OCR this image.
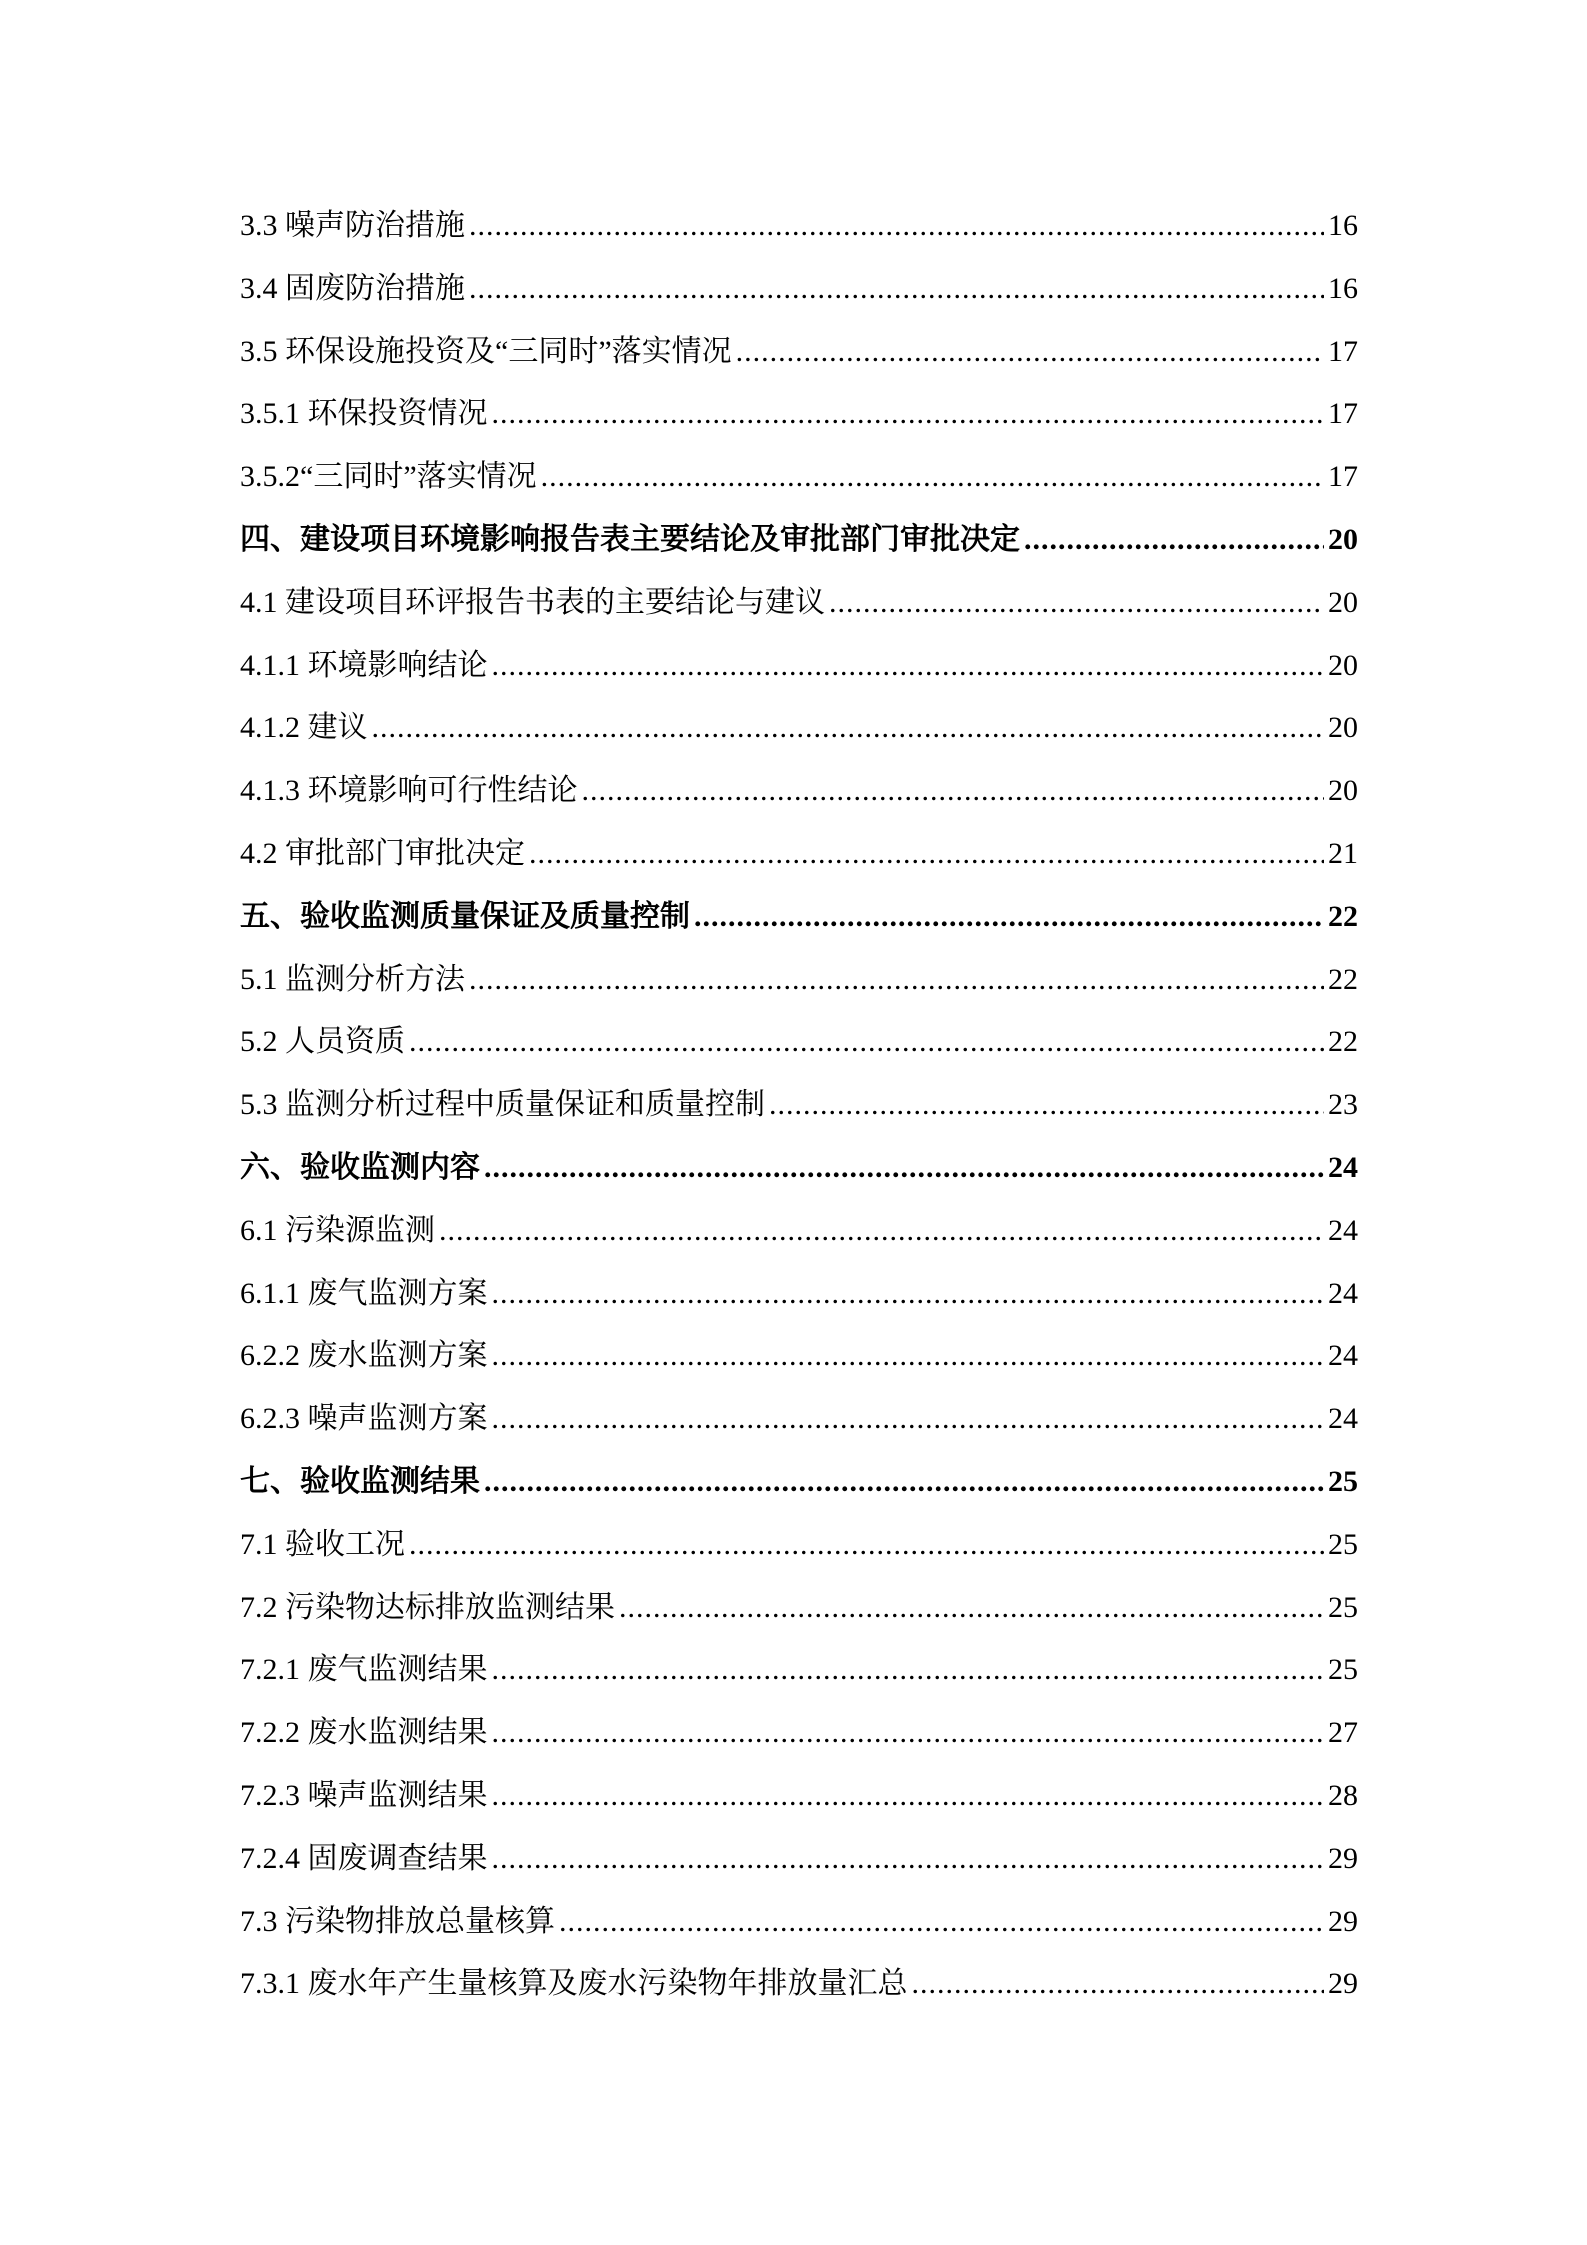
3.3 噪声防治措施 .....	16
3.4 固废防治措施 .....	16
3.5 环保设施投资及“三同时”落实情况 .....	17
3.5.1 环保投资情况 .....	17
3.5.2“三同时”落实情况 .....	17
四、建设项目环境影响报告表主要结论及审批部门审批决定 .....	20
4.1 建设项目环评报告书表的主要结论与建议 .....	20
4.1.1 环境影响结论 .....	20
4.1.2 建议 .....	20
4.1.3 环境影响可行性结论 .....	20
4.2 审批部门审批决定 .....	21
五、验收监测质量保证及质量控制 .....	22
5.1 监测分析方法 .....	22
5.2 人员资质 .....	22
5.3 监测分析过程中质量保证和质量控制 .....	23
六、验收监测内容 .....	24
6.1 污染源监测 .....	24
6.1.1 废气监测方案 .....	24
6.2.2 废水监测方案 .....	24
6.2.3 噪声监测方案 .....	24
七、验收监测结果 .....	25
7.1 验收工况 .....	25
7.2 污染物达标排放监测结果 .....	25
7.2.1 废气监测结果 .....	25
7.2.2 废水监测结果 .....	27
7.2.3 噪声监测结果 .....	28
7.2.4 固废调查结果 .....	29
7.3 污染物排放总量核算 .....	29
7.3.1 废水年产生量核算及废水污染物年排放量汇总 .....	29
